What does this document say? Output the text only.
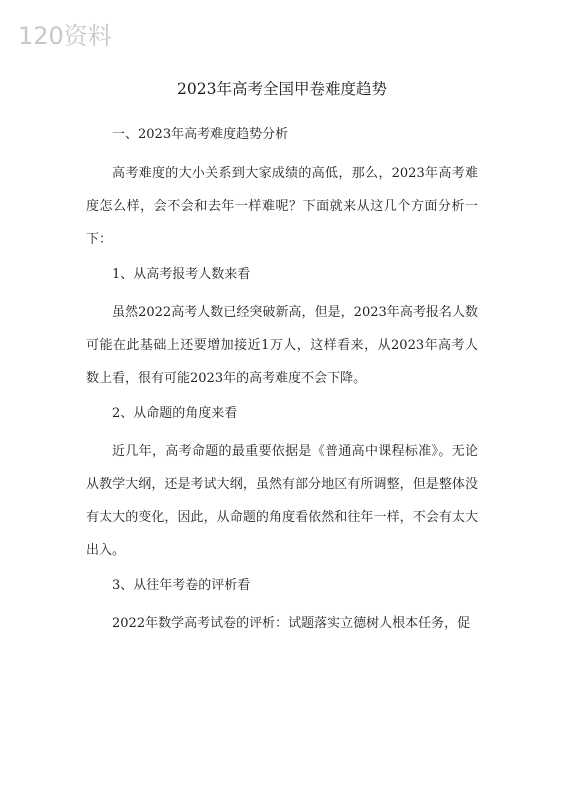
120资料
2023年高考全国甲卷难度趋势

一、2023年高考难度趋势分析

高考难度的大小关系到大家成绩的高低，那么，2023年高考难度怎么样，会不会和去年一样难呢？下面就来从这几个方面分析一下：

1、从高考报考人数来看

虽然2022高考人数已经突破新高，但是，2023年高考报名人数可能在此基础上还要增加接近1万人，这样看来，从2023年高考人数上看，很有可能2023年的高考难度不会下降。

2、从命题的角度来看

近几年，高考命题的最重要依据是《普通高中课程标准》。无论从教学大纲，还是考试大纲，虽然有部分地区有所调整，但是整体没有太大的变化，因此，从命题的角度看依然和往年一样，不会有太大出入。

3、从往年考卷的评析看

2022年数学高考试卷的评析：试题落实立德树人根本任务，促
